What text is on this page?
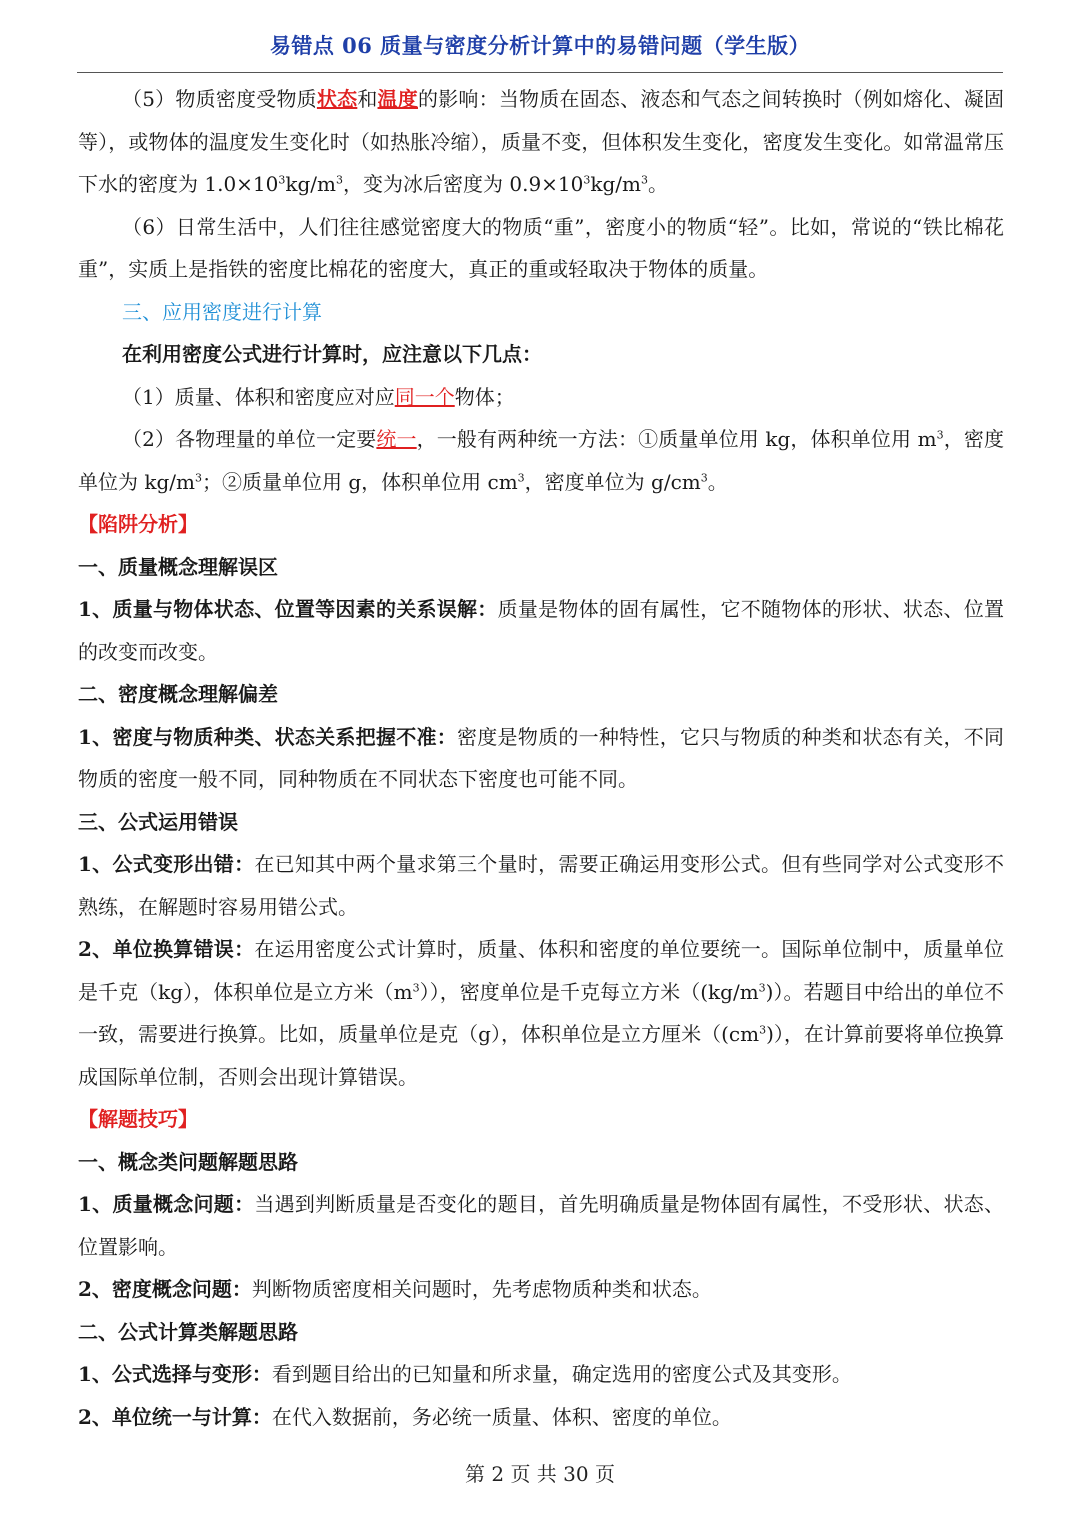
易错点 06 质量与密度分析计算中的易错问题（学生版）

（5）物质密度受物质状态和温度的影响：当物质在固态、液态和气态之间转换时（例如熔化、凝固等），或物体的温度发生变化时（如热胀冷缩），质量不变，但体积发生变化，密度发生变化。如常温常压下水的密度为 $1.0\times 10^3kg/m^3$，变为冰后密度为 $0.9\times 10^3kg/m^3$。

（6）日常生活中，人们往往感觉密度大的物质“重”，密度小的物质“轻”。比如，常说的“铁比棉花重”，实质上是指铁的密度比棉花的密度大，真正的重或轻取决于物体的质量。

三、应用密度进行计算

在利用密度公式进行计算时，应注意以下几点：

（1）质量、体积和密度应对应同一个物体；

（2）各物理量的单位一定要统一，一般有两种统一方法：①质量单位用 kg，体积单位用 $m^3$，密度单位为 $kg/m^3$；②质量单位用 g，体积单位用 $cm^3$，密度单位为 $g/cm^3$。

【陷阱分析】

一、质量概念理解误区

1、质量与物体状态、位置等因素的关系误解：质量是物体的固有属性，它不随物体的形状、状态、位置的改变而改变。

二、密度概念理解偏差

1、密度与物质种类、状态关系把握不准：密度是物质的一种特性，它只与物质的种类和状态有关，不同物质的密度一般不同，同种物质在不同状态下密度也可能不同。

三、公式运用错误

1、公式变形出错：在已知其中两个量求第三个量时，需要正确运用变形公式。但有些同学对公式变形不熟练，在解题时容易用错公式。

2、单位换算错误：在运用密度公式计算时，质量、体积和密度的单位要统一。国际单位制中，质量单位是千克（kg），体积单位是立方米$(m^3)$），密度单位是千克每立方米$((kg/m^3))$。若题目中给出的单位不一致，需要进行换算。比如，质量单位是克（g），体积单位是立方厘米$((cm^3))$，在计算前要将单位换算成国际单位制，否则会出现计算错误。

【解题技巧】

一、概念类问题解题思路

1、质量概念问题：当遇到判断质量是否变化的题目，首先明确质量是物体固有属性，不受形状、状态、位置影响。

2、密度概念问题：判断物质密度相关问题时，先考虑物质种类和状态。

二、公式计算类解题思路

1、公式选择与变形：看到题目给出的已知量和所求量，确定选用的密度公式及其变形。

2、单位统一与计算：在代入数据前，务必统一质量、体积、密度的单位。

第 2 页 共 30 页
